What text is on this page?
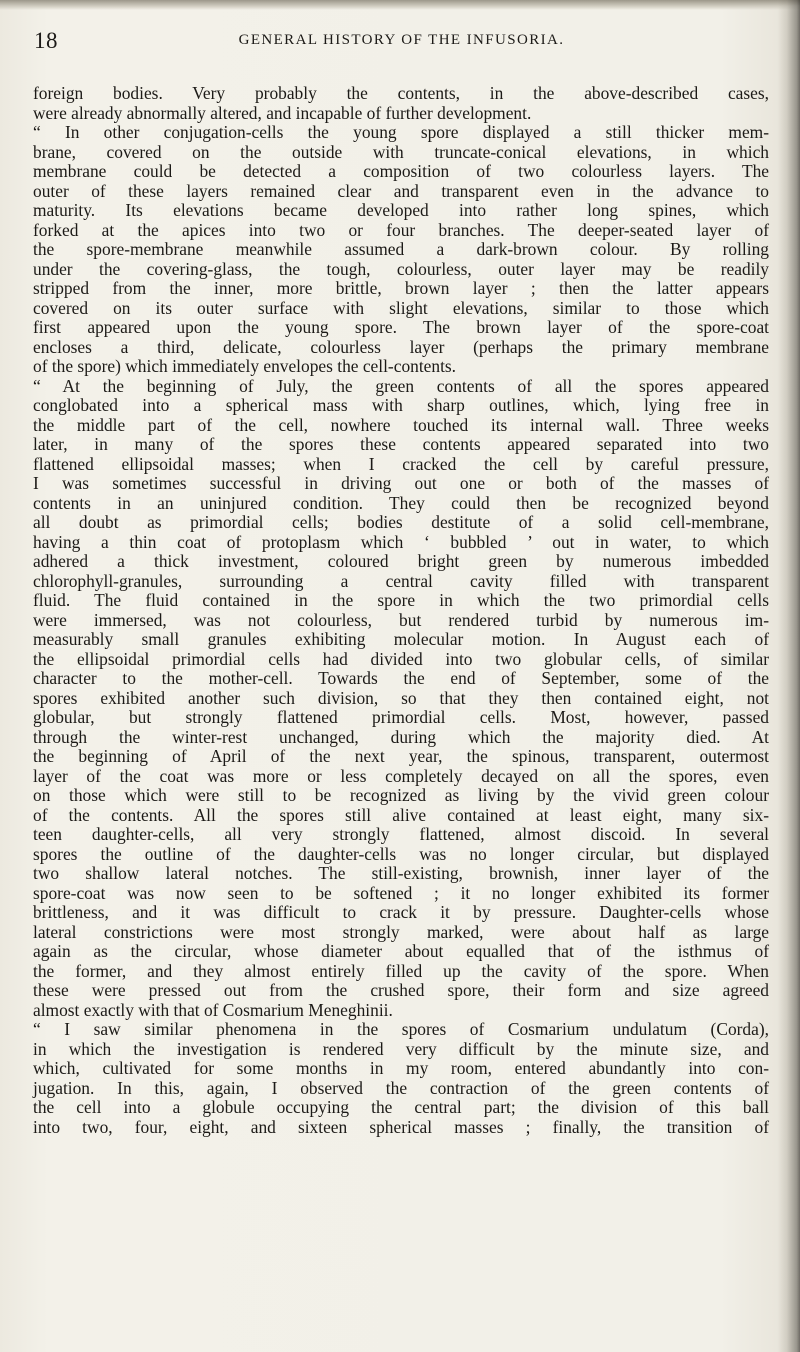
18	GENERAL HISTORY OF THE INFUSORIA.
foreign bodies. Very probably the contents, in the above-described cases,
were already abnormally altered, and incapable of further development.
“ In other conjugation-cells the young spore displayed a still thicker mem-
brane, covered on the outside with truncate-conical elevations, in which
membrane could be detected a composition of two colourless layers. The
outer of these layers remained clear and transparent even in the advance to
maturity. Its elevations became developed into rather long spines, which
forked at the apices into two or four branches. The deeper-seated layer of
the spore-membrane meanwhile assumed a dark-brown colour. By rolling
under the covering-glass, the tough, colourless, outer layer may be readily
stripped from the inner, more brittle, brown layer ; then the latter appears
covered on its outer surface with slight elevations, similar to those which
first appeared upon the young spore. The brown layer of the spore-coat
encloses a third, delicate, colourless layer (perhaps the primary membrane
of the spore) which immediately envelopes the cell-contents.
“ At the beginning of July, the green contents of all the spores appeared
conglobated into a spherical mass with sharp outlines, which, lying free in
the middle part of the cell, nowhere touched its internal wall. Three weeks
later, in many of the spores these contents appeared separated into two
flattened ellipsoidal masses; when I cracked the cell by careful pressure,
I was sometimes successful in driving out one or both of the masses of
contents in an uninjured condition. They could then be recognized beyond
all doubt as primordial cells; bodies destitute of a solid cell-membrane,
having a thin coat of protoplasm which ‘ bubbled ’ out in water, to which
adhered a thick investment, coloured bright green by numerous imbedded
chlorophyll-granules, surrounding a central cavity filled with transparent
fluid. The fluid contained in the spore in which the two primordial cells
were immersed, was not colourless, but rendered turbid by numerous im-
measurably small granules exhibiting molecular motion. In August each of
the ellipsoidal primordial cells had divided into two globular cells, of similar
character to the mother-cell. Towards the end of September, some of the
spores exhibited another such division, so that they then contained eight, not
globular, but strongly flattened primordial cells. Most, however, passed
through the winter-rest unchanged, during which the majority died. At
the beginning of April of the next year, the spinous, transparent, outermost
layer of the coat was more or less completely decayed on all the spores, even
on those which were still to be recognized as living by the vivid green colour
of the contents. All the spores still alive contained at least eight, many six-
teen daughter-cells, all very strongly flattened, almost discoid. In several
spores the outline of the daughter-cells was no longer circular, but displayed
two shallow lateral notches. The still-existing, brownish, inner layer of the
spore-coat was now seen to be softened ; it no longer exhibited its former
brittleness, and it was difficult to crack it by pressure. Daughter-cells whose
lateral constrictions were most strongly marked, were about half as large
again as the circular, whose diameter about equalled that of the isthmus of
the former, and they almost entirely filled up the cavity of the spore. When
these were pressed out from the crushed spore, their form and size agreed
almost exactly with that of Cosmarium Meneghinii.
“ I saw similar phenomena in the spores of Cosmarium undulatum (Corda),
in which the investigation is rendered very difficult by the minute size, and
which, cultivated for some months in my room, entered abundantly into con-
jugation. In this, again, I observed the contraction of the green contents of
the cell into a globule occupying the central part; the division of this ball
into two, four, eight, and sixteen spherical masses ; finally, the transition of
